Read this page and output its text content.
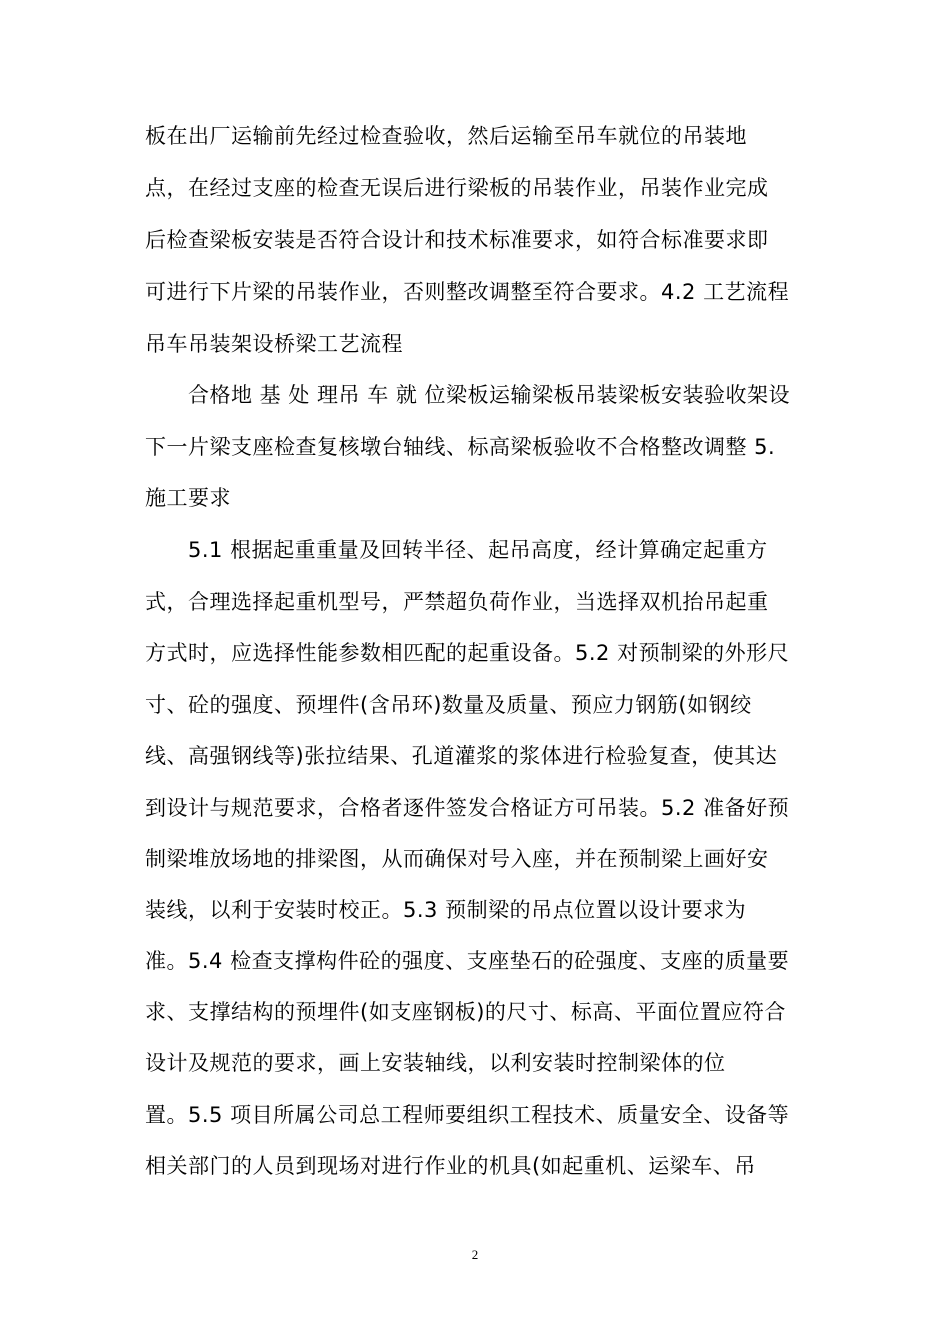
板在出厂运输前先经过检查验收，然后运输至吊车就位的吊装地
点，在经过支座的检查无误后进行梁板的吊装作业，吊装作业完成
后检查梁板安装是否符合设计和技术标准要求，如符合标准要求即
可进行下片梁的吊装作业，否则整改调整至符合要求。4.2 工艺流程
吊车吊装架设桥梁工艺流程
合格地 基 处 理吊 车 就 位梁板运输梁板吊装梁板安装验收架设
下一片梁支座检查复核墩台轴线、标高梁板验收不合格整改调整 5.
施工要求
5.1 根据起重重量及回转半径、起吊高度，经计算确定起重方
式，合理选择起重机型号，严禁超负荷作业，当选择双机抬吊起重
方式时，应选择性能参数相匹配的起重设备。5.2 对预制梁的外形尺
寸、砼的强度、预埋件(含吊环)数量及质量、预应力钢筋(如钢绞
线、高强钢线等)张拉结果、孔道灌浆的浆体进行检验复查，使其达
到设计与规范要求，合格者逐件签发合格证方可吊装。5.2 准备好预
制梁堆放场地的排梁图，从而确保对号入座，并在预制梁上画好安
装线，以利于安装时校正。5.3 预制梁的吊点位置以设计要求为
准。5.4 检查支撑构件砼的强度、支座垫石的砼强度、支座的质量要
求、支撑结构的预埋件(如支座钢板)的尺寸、标高、平面位置应符合
设计及规范的要求，画上安装轴线，以利安装时控制梁体的位
置。5.5 项目所属公司总工程师要组织工程技术、质量安全、设备等
相关部门的人员到现场对进行作业的机具(如起重机、运梁车、吊
2
